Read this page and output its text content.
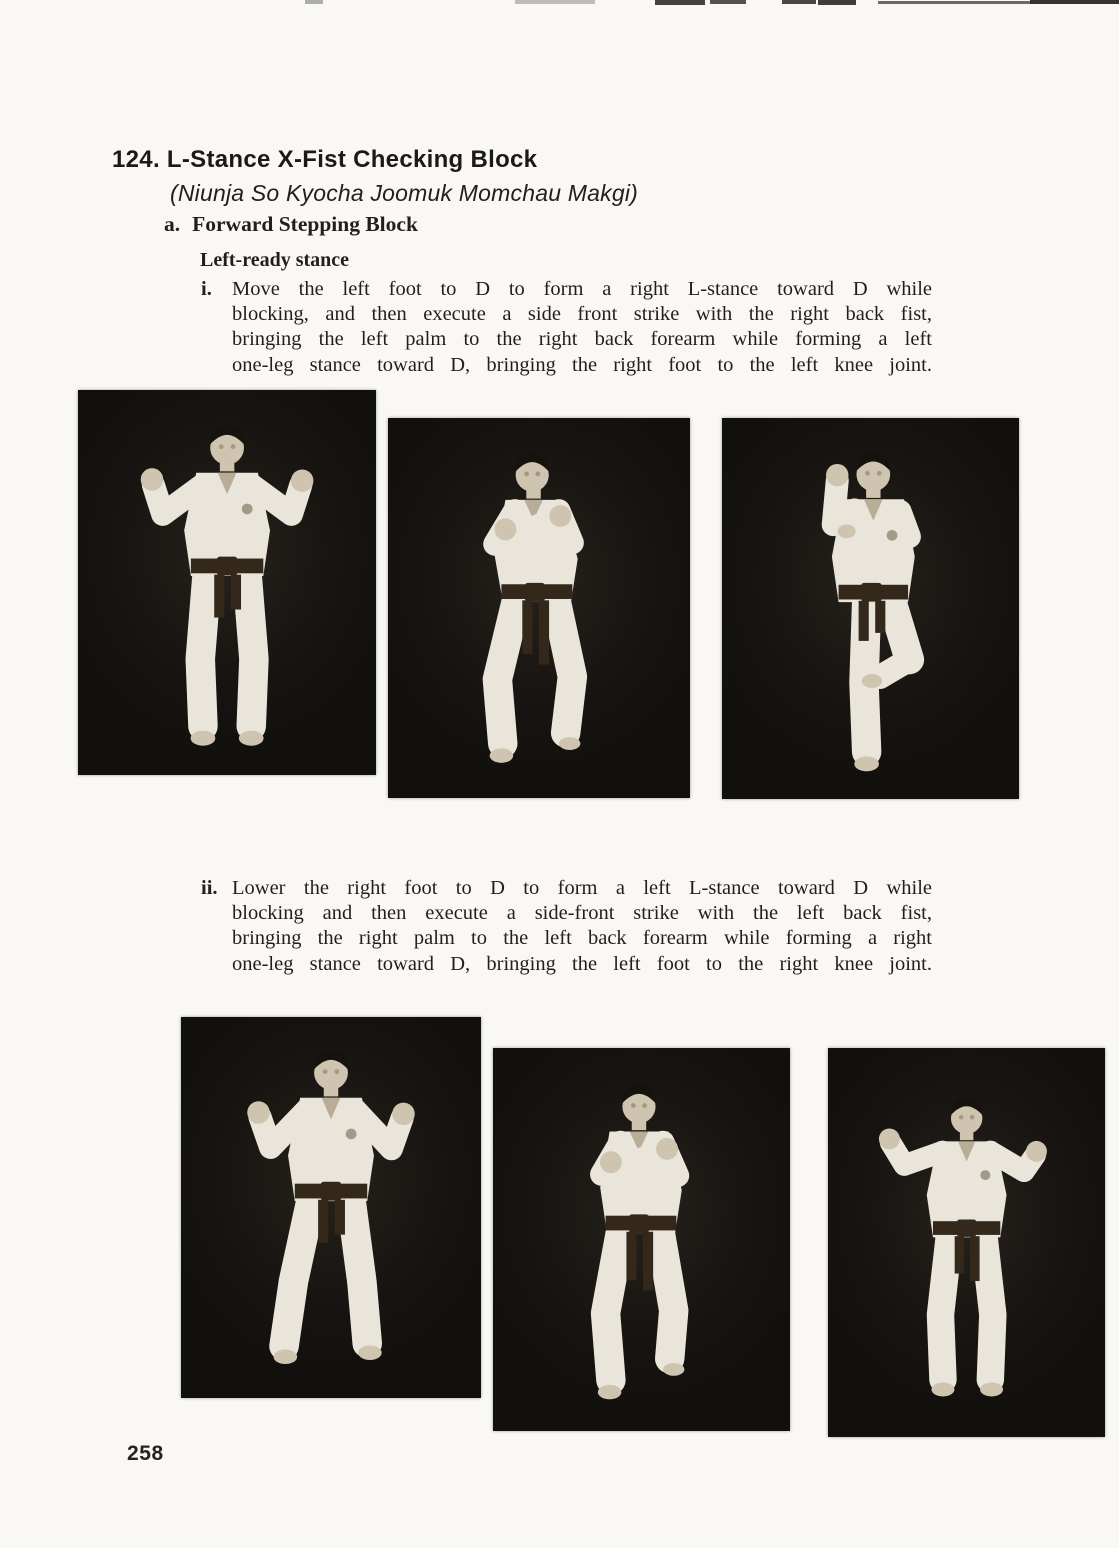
124. L-Stance X-Fist Checking Block
(Niunja So Kyocha Joomuk Momchau Makgi)
a. Forward Stepping Block
Left-ready stance
i. Move the left foot to D to form a right L-stance toward D while
blocking, and then execute a side front strike with the right back fist,
bringing the left palm to the right back forearm while forming a left
one-leg stance toward D, bringing the right foot to the left knee joint.
ii. Lower the right foot to D to form a left L-stance toward D while
blocking and then execute a side-front strike with the left back fist,
bringing the right palm to the left back forearm while forming a right
one-leg stance toward D, bringing the left foot to the right knee joint.
258
